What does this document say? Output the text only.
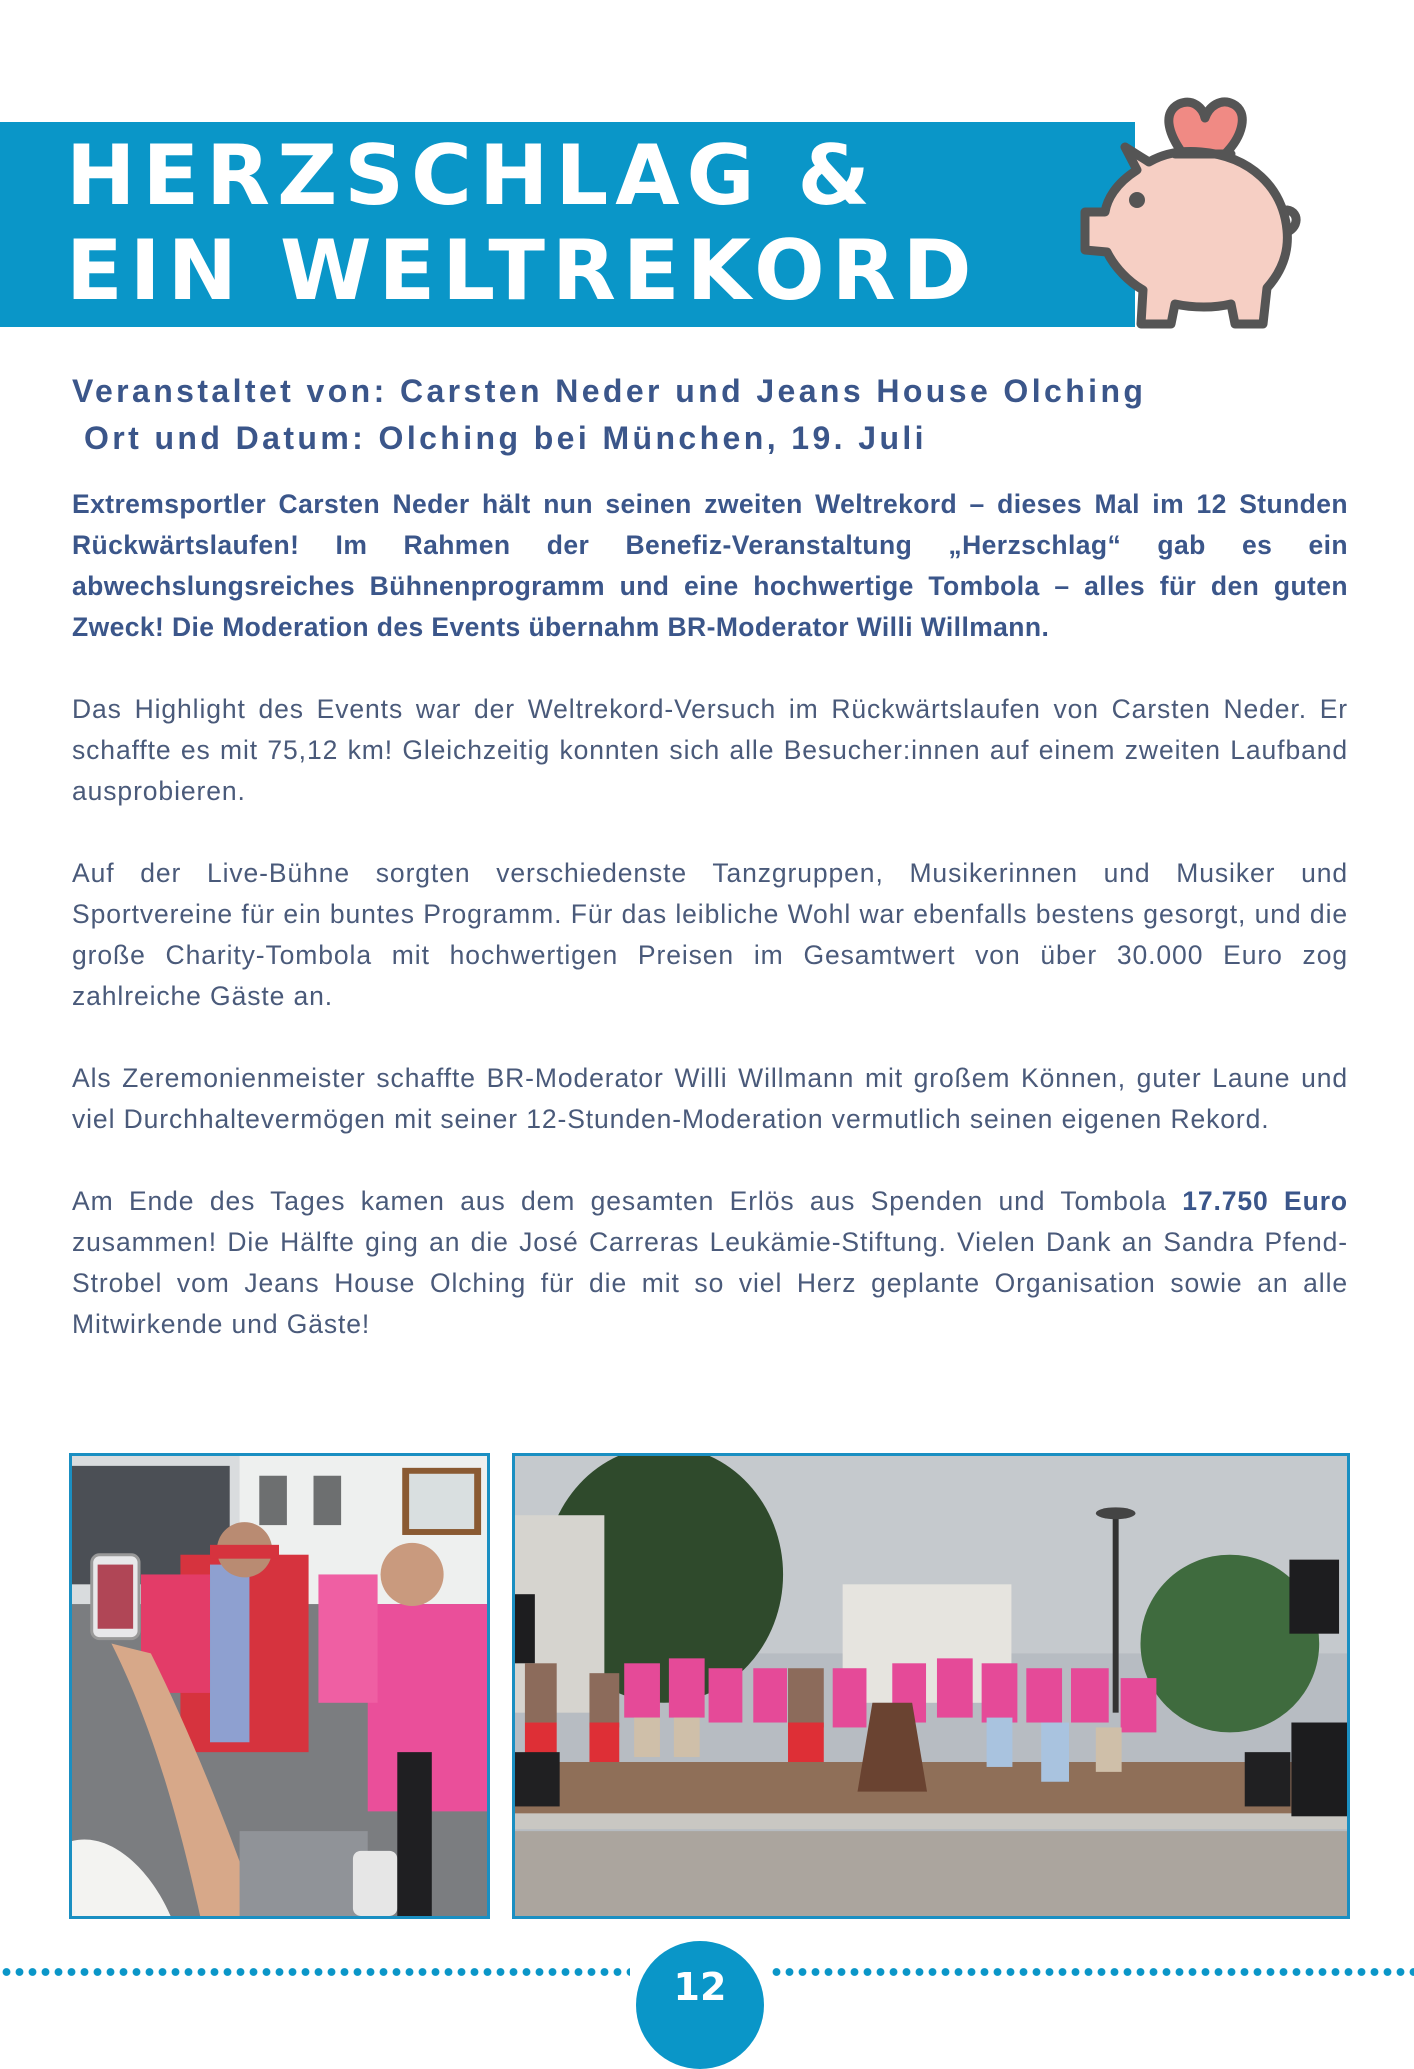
HERZSCHLAG &
EIN WELTREKORD
Veranstaltet von: Carsten Neder und Jeans House Olching
Ort und Datum: Olching bei München, 19. Juli

Extremsportler Carsten Neder hält nun seinen zweiten Weltrekord – dieses Mal im 12 Stunden Rückwärtslaufen! Im Rahmen der Benefiz-Veranstaltung „Herzschlag“ gab es ein abwechslungsreiches Bühnenprogramm und eine hochwertige Tombola – alles für den guten Zweck! Die Moderation des Events übernahm BR-Moderator Willi Willmann.

Das Highlight des Events war der Weltrekord-Versuch im Rückwärtslaufen von Carsten Neder. Er schaffte es mit 75,12 km! Gleichzeitig konnten sich alle Besucher:innen auf einem zweiten Laufband ausprobieren.

Auf der Live-Bühne sorgten verschiedenste Tanzgruppen, Musikerinnen und Musiker und Sportvereine für ein buntes Programm. Für das leibliche Wohl war ebenfalls bestens gesorgt, und die große Charity-Tombola mit hochwertigen Preisen im Gesamtwert von über 30.000 Euro zog zahlreiche Gäste an.

Als Zeremonienmeister schaffte BR-Moderator Willi Willmann mit großem Können, guter Laune und viel Durchhaltevermögen mit seiner 12-Stunden-Moderation vermutlich seinen eigenen Rekord.

Am Ende des Tages kamen aus dem gesamten Erlös aus Spenden und Tombola 17.750 Euro zusammen! Die Hälfte ging an die José Carreras Leukämie-Stiftung. Vielen Dank an Sandra Pfend-Strobel vom Jeans House Olching für die mit so viel Herz geplante Organisation sowie an alle Mitwirkende und Gäste!

12
